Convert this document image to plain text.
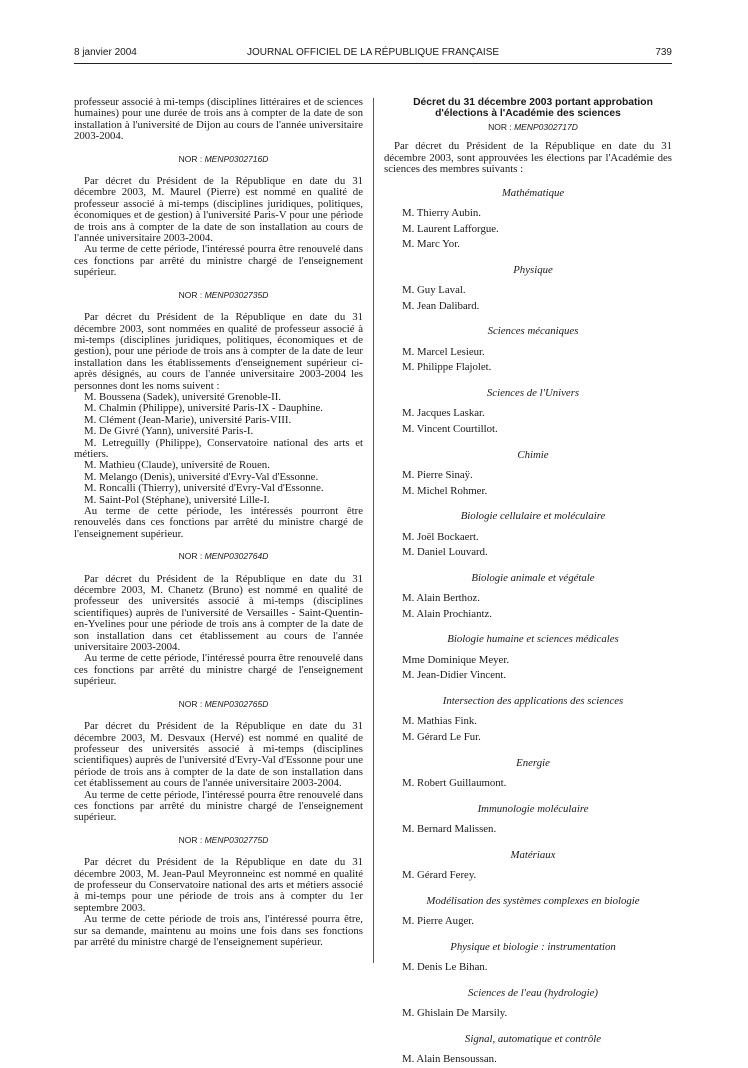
8 janvier 2004	JOURNAL OFFICIEL DE LA RÉPUBLIQUE FRANÇAISE	739

professeur associé à mi-temps (disciplines littéraires et de sciences humaines) pour une durée de trois ans à compter de la date de son installation à l'université de Dijon au cours de l'année universitaire 2003-2004.

NOR : MENP0302716D

Par décret du Président de la République en date du 31 décembre 2003, M. Maurel (Pierre) est nommé en qualité de professeur associé à mi-temps (disciplines juridiques, politiques, économiques et de gestion) à l'université Paris-V pour une période de trois ans à compter de la date de son installation au cours de l'année universitaire 2003-2004.

Au terme de cette période, l'intéressé pourra être renouvelé dans ces fonctions par arrêté du ministre chargé de l'enseignement supérieur.

NOR : MENP0302735D

Par décret du Président de la République en date du 31 décembre 2003, sont nommées en qualité de professeur associé à mi-temps (disciplines juridiques, politiques, économiques et de gestion), pour une période de trois ans à compter de la date de leur installation dans les établissements d'enseignement supérieur ci-après désignés, au cours de l'année universitaire 2003-2004 les personnes dont les noms suivent :

M. Boussena (Sadek), université Grenoble-II.

M. Chalmin (Philippe), université Paris-IX - Dauphine.

M. Clément (Jean-Marie), université Paris-VIII.

M. De Givré (Yann), université Paris-I.

M. Letreguilly (Philippe), Conservatoire national des arts et métiers.

M. Mathieu (Claude), université de Rouen.

M. Melango (Denis), université d'Evry-Val d'Essonne.

M. Roncalli (Thierry), université d'Evry-Val d'Essonne.

M. Saint-Pol (Stéphane), université Lille-I.

Au terme de cette période, les intéressés pourront être renouvelés dans ces fonctions par arrêté du ministre chargé de l'enseignement supérieur.

NOR : MENP0302764D

Par décret du Président de la République en date du 31 décembre 2003, M. Chanetz (Bruno) est nommé en qualité de professeur des universités associé à mi-temps (disciplines scientifiques) auprès de l'université de Versailles - Saint-Quentin-en-Yvelines pour une période de trois ans à compter de la date de son installation dans cet établissement au cours de l'année universitaire 2003-2004.

Au terme de cette période, l'intéressé pourra être renouvelé dans ces fonctions par arrêté du ministre chargé de l'enseignement supérieur.

NOR : MENP0302765D

Par décret du Président de la République en date du 31 décembre 2003, M. Desvaux (Hervé) est nommé en qualité de professeur des universités associé à mi-temps (disciplines scientifiques) auprès de l'université d'Evry-Val d'Essonne pour une période de trois ans à compter de la date de son installation dans cet établissement au cours de l'année universitaire 2003-2004.

Au terme de cette période, l'intéressé pourra être renouvelé dans ces fonctions par arrêté du ministre chargé de l'enseignement supérieur.

NOR : MENP0302775D

Par décret du Président de la République en date du 31 décembre 2003, M. Jean-Paul Meyronneinc est nommé en qualité de professeur du Conservatoire national des arts et métiers associé à mi-temps pour une période de trois ans à compter du 1er septembre 2003.

Au terme de cette période de trois ans, l'intéressé pourra être, sur sa demande, maintenu au moins une fois dans ses fonctions par arrêté du ministre chargé de l'enseignement supérieur.

Décret du 31 décembre 2003 portant approbation d'élections à l'Académie des sciences

NOR : MENP0302717D

Par décret du Président de la République en date du 31 décembre 2003, sont approuvées les élections par l'Académie des sciences des membres suivants :

Mathématique

M. Thierry Aubin.

M. Laurent Lafforgue.

M. Marc Yor.

Physique

M. Guy Laval.

M. Jean Dalibard.

Sciences mécaniques

M. Marcel Lesieur.

M. Philippe Flajolet.

Sciences de l'Univers

M. Jacques Laskar.

M. Vincent Courtillot.

Chimie

M. Pierre Sinaÿ.

M. Michel Rohmer.

Biologie cellulaire et moléculaire

M. Joël Bockaert.

M. Daniel Louvard.

Biologie animale et végétale

M. Alain Berthoz.

M. Alain Prochiantz.

Biologie humaine et sciences médicales

Mme Dominique Meyer.

M. Jean-Didier Vincent.

Intersection des applications des sciences

M. Mathias Fink.

M. Gérard Le Fur.

Energie

M. Robert Guillaumont.

Immunologie moléculaire

M. Bernard Malissen.

Matériaux

M. Gérard Ferey.

Modélisation des systèmes complexes en biologie

M. Pierre Auger.

Physique et biologie : instrumentation

M. Denis Le Bihan.

Sciences de l'eau (hydrologie)

M. Ghislain De Marsily.

Signal, automatique et contrôle

M. Alain Bensoussan.
